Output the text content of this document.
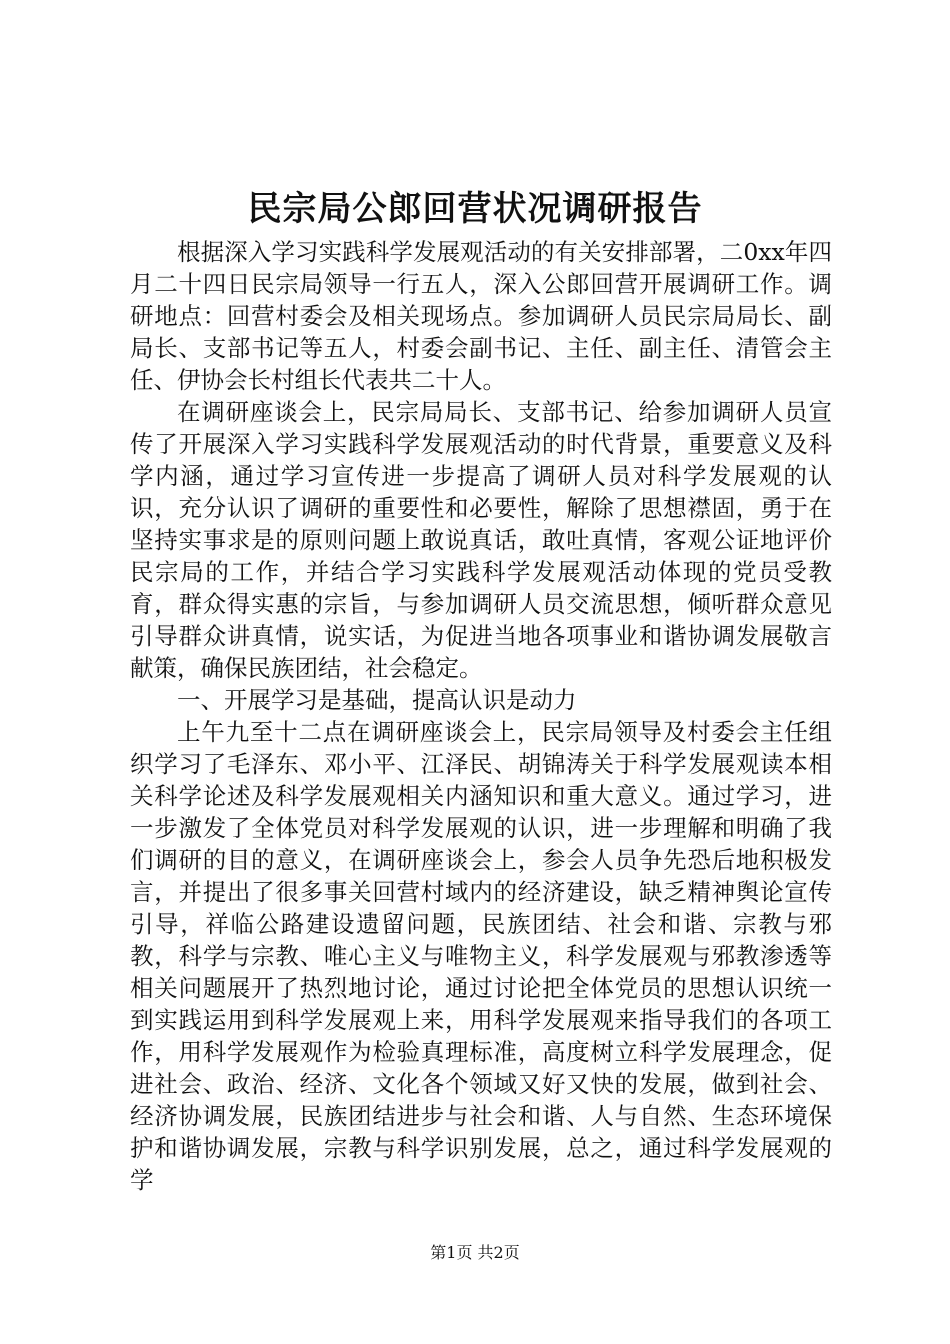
民宗局公郎回营状况调研报告

根据深入学习实践科学发展观活动的有关安排部署，二0xx年四月二十四日民宗局领导一行五人，深入公郎回营开展调研工作。调研地点：回营村委会及相关现场点。参加调研人员民宗局局长、副局长、支部书记等五人，村委会副书记、主任、副主任、清管会主任、伊协会长村组长代表共二十人。

在调研座谈会上，民宗局局长、支部书记、给参加调研人员宣传了开展深入学习实践科学发展观活动的时代背景，重要意义及科学内涵，通过学习宣传进一步提高了调研人员对科学发展观的认识，充分认识了调研的重要性和必要性，解除了思想襟固，勇于在坚持实事求是的原则问题上敢说真话，敢吐真情，客观公证地评价民宗局的工作，并结合学习实践科学发展观活动体现的党员受教育，群众得实惠的宗旨，与参加调研人员交流思想，倾听群众意见引导群众讲真情，说实话，为促进当地各项事业和谐协调发展敬言献策，确保民族团结，社会稳定。

一、开展学习是基础，提高认识是动力

上午九至十二点在调研座谈会上，民宗局领导及村委会主任组织学习了毛泽东、邓小平、江泽民、胡锦涛关于科学发展观读本相关科学论述及科学发展观相关内涵知识和重大意义。通过学习，进一步激发了全体党员对科学发展观的认识，进一步理解和明确了我们调研的目的意义，在调研座谈会上，参会人员争先恐后地积极发言，并提出了很多事关回营村域内的经济建设，缺乏精神舆论宣传引导，祥临公路建设遗留问题，民族团结、社会和谐、宗教与邪教，科学与宗教、唯心主义与唯物主义，科学发展观与邪教渗透等相关问题展开了热烈地讨论，通过讨论把全体党员的思想认识统一到实践运用到科学发展观上来，用科学发展观来指导我们的各项工作，用科学发展观作为检验真理标准，高度树立科学发展理念，促进社会、政治、经济、文化各个领域又好又快的发展，做到社会、经济协调发展，民族团结进步与社会和谐、人与自然、生态环境保护和谐协调发展，宗教与科学识别发展，总之，通过科学发展观的学

第1页 共2页
